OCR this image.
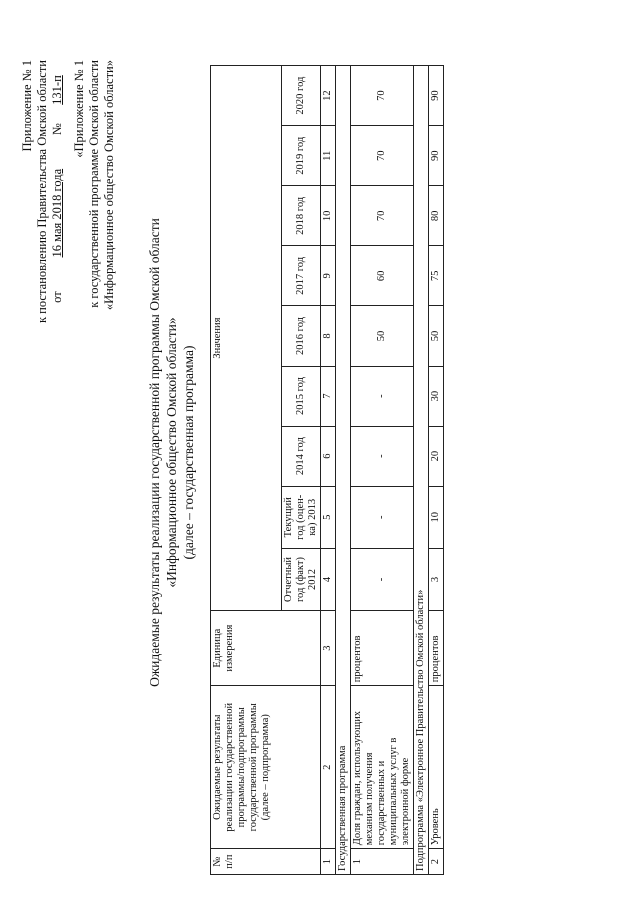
Приложение № 1 к постановлению Правительства Омской области от 16 мая 2018 года № 131-п «Приложение № 1 к государственной программе Омской области «Информационное общество Омской области»
Ожидаемые результаты реализации государственной программы Омской области «Информационное общество Омской области» (далее – государственная программа)
№ п/п	Ожидаемые результаты реализации государственной программы/подпрограммы государственной программы (далее – подпрограмма)	Единица измерения	Значения								
			Отчетный год (факт) 2012	Текущий год (оцен-ка) 2013	2014 год	2015 год	2016 год	2017 год	2018 год	2019 год	2020 год
1	2	3	4	5	6	7	8	9	10	11	12
Государственная программа											
1	Доля граждан, использующих механизм получения государственных и муниципальных услуг в электронной форме	процентов	-	-	-	-	50	60	70	70	70
Подпрограмма «Электронное Правительство Омской области»											
2	Уровень	процентов	3	10	20	30	50	75	80	90	90
